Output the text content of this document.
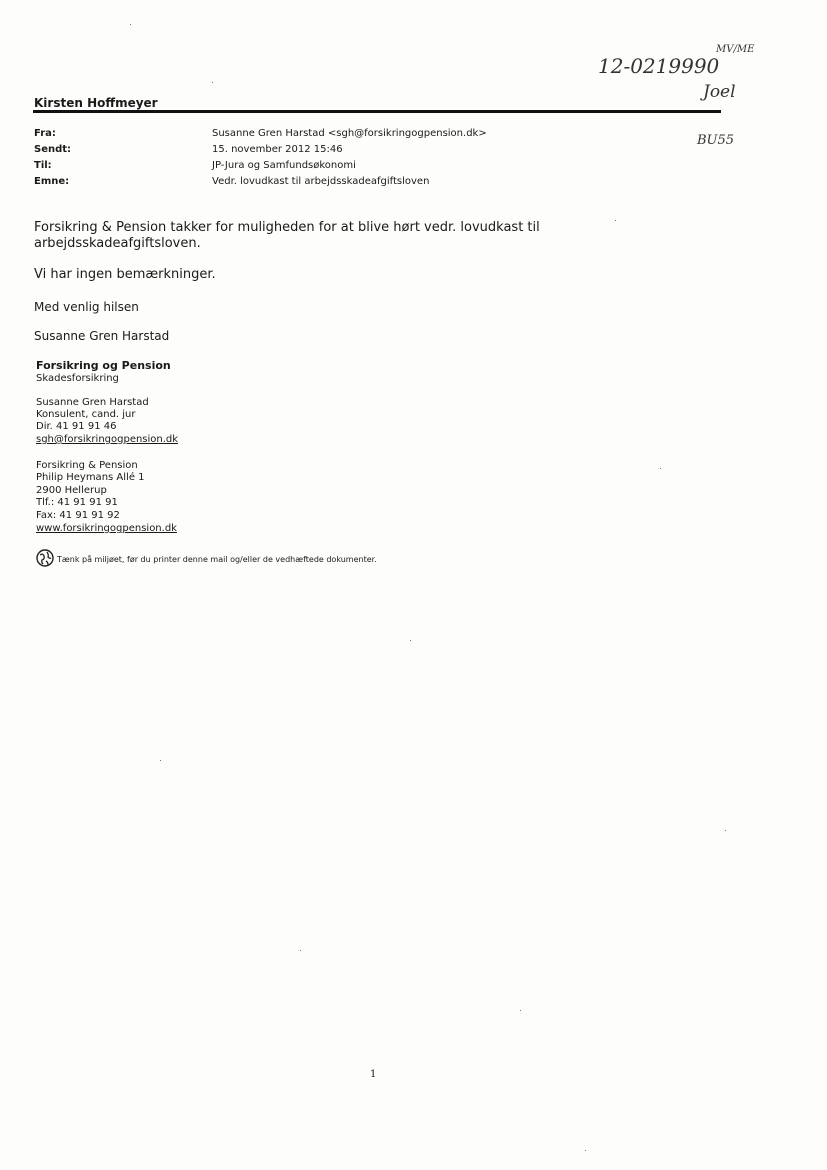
12-0219990
MV/ME
Joel
BU55
Kirsten Hoffmeyer
Fra:	Susanne Gren Harstad <sgh@forsikringogpension.dk>
Sendt:	15. november 2012 15:46
Til:	JP-Jura og Samfundsøkonomi
Emne:	Vedr. lovudkast til arbejdsskadeafgiftsloven
Forsikring & Pension takker for muligheden for at blive hørt vedr. lovudkast til arbejdsskadeafgiftsloven.
Vi har ingen bemærkninger.
Med venlig hilsen
Susanne Gren Harstad
Forsikring og Pension
Skadesforsikring
Susanne Gren Harstad
Konsulent, cand. jur
Dir. 41 91 91 46
sgh@forsikringogpension.dk
Forsikring & Pension
Philip Heymans Allé 1
2900 Hellerup
Tlf.: 41 91 91 91
Fax: 41 91 91 92
www.forsikringogpension.dk
Tænk på miljøet, før du printer denne mail og/eller de vedhæftede dokumenter.
1
